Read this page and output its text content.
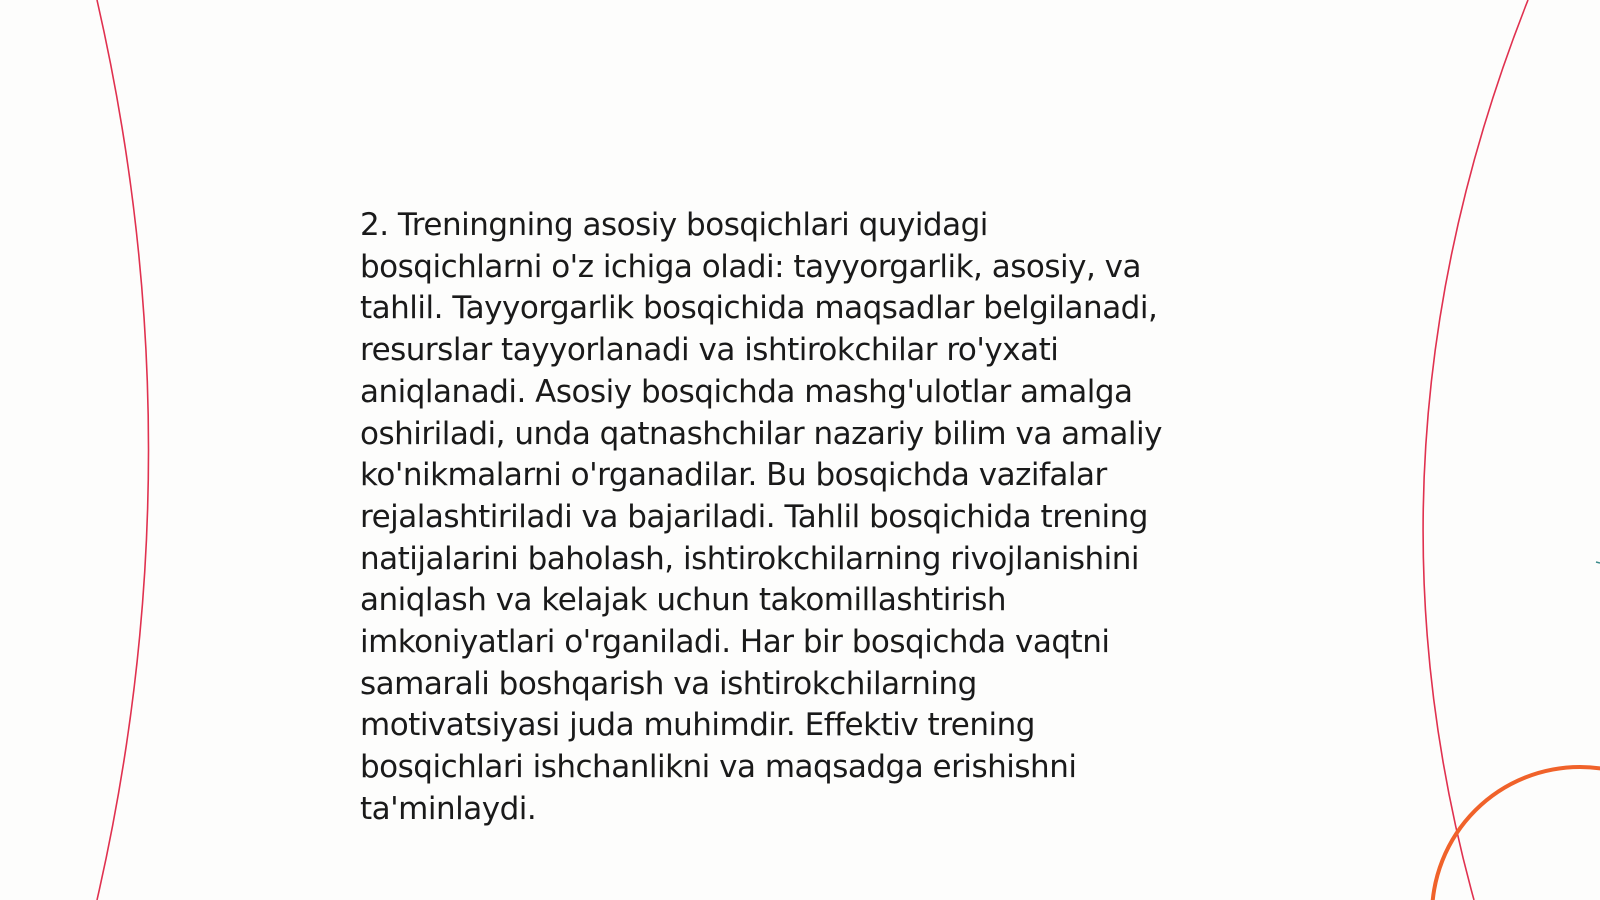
2. Treningning asosiy bosqichlari quyidagi
bosqichlarni o'z ichiga oladi: tayyorgarlik, asosiy, va
tahlil. Tayyorgarlik bosqichida maqsadlar belgilanadi,
resurslar tayyorlanadi va ishtirokchilar ro'yxati
aniqlanadi. Asosiy bosqichda mashg'ulotlar amalga
oshiriladi, unda qatnashchilar nazariy bilim va amaliy
ko'nikmalarni o'rganadilar. Bu bosqichda vazifalar
rejalashtiriladi va bajariladi. Tahlil bosqichida trening
natijalarini baholash, ishtirokchilarning rivojlanishini
aniqlash va kelajak uchun takomillashtirish
imkoniyatlari o'rganiladi. Har bir bosqichda vaqtni
samarali boshqarish va ishtirokchilarning
motivatsiyasi juda muhimdir. Effektiv trening
bosqichlari ishchanlikni va maqsadga erishishni
ta'minlaydi.
